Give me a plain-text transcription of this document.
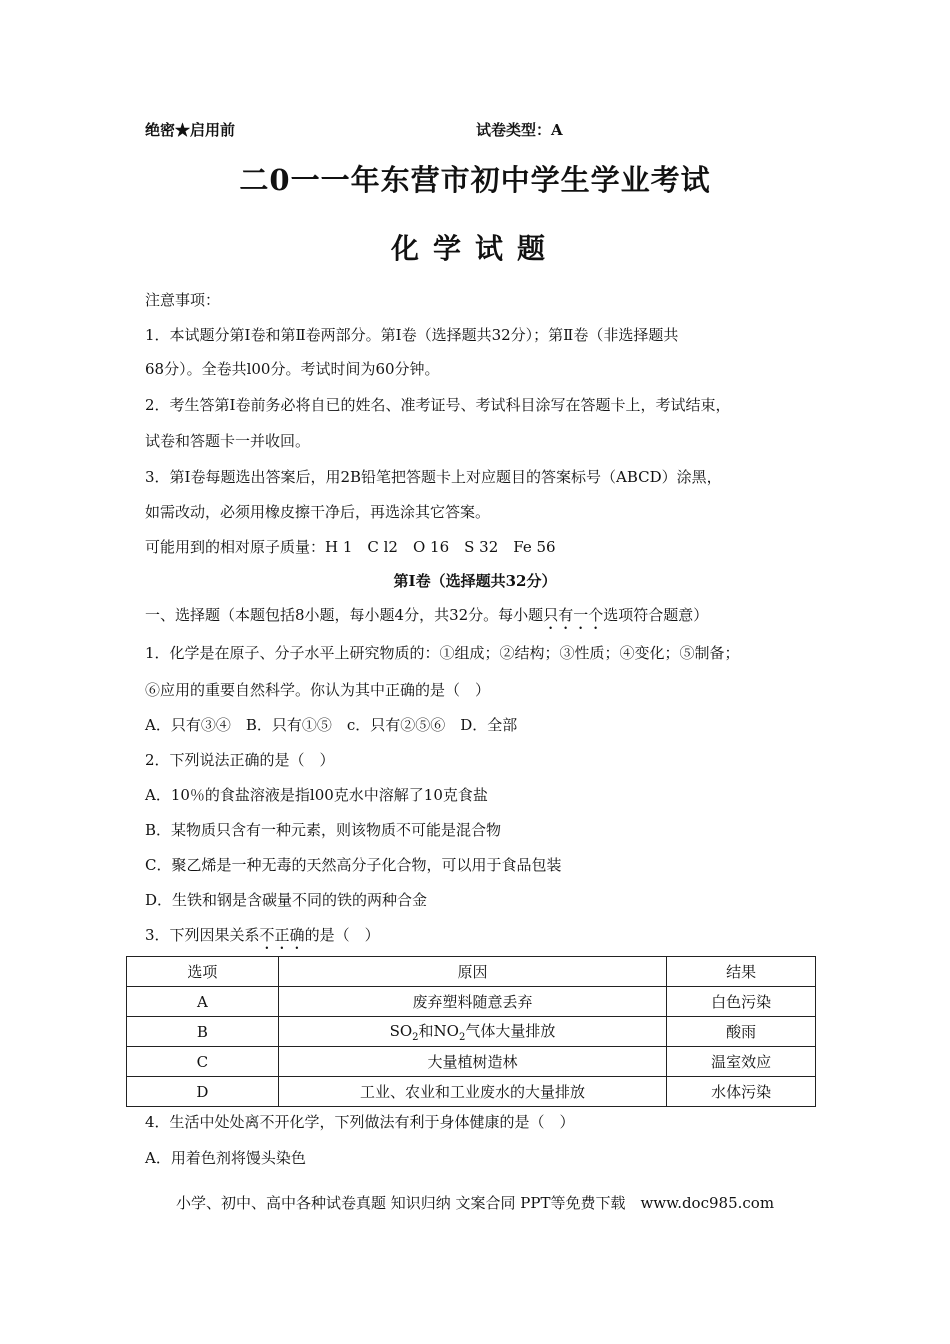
绝密★启用前	试卷类型：A
二0一一年东营市初中学生学业考试
化学试题
注意事项：
1．本试题分第Ⅰ卷和第Ⅱ卷两部分。第Ⅰ卷（选择题共32分）；第Ⅱ卷（非选择题共
68分）。全卷共l00分。考试时间为60分钟。
2．考生答第Ⅰ卷前务必将自已的姓名、准考证号、考试科目涂写在答题卡上，考试结束，
试卷和答题卡一并收回。
3．第Ⅰ卷每题选出答案后，用2B铅笔把答题卡上对应题目的答案标号（ABCD）涂黑，
如需改动，必须用橡皮擦干净后，再选涂其它答案。
可能用到的相对原子质量：H 1　C l2　O 16　S 32　Fe 56
第Ⅰ卷（选择题共32分）
一、选择题（本题包括8小题，每小题4分，共32分。每小题只有一个选项符合题意）
1．化学是在原子、分子水平上研究物质的：①组成；②结构；③性质；④变化；⑤制备；
⑥应用的重要自然科学。你认为其中正确的是（　）
A．只有③④　B．只有①⑤　c．只有②⑤⑥　D．全部
2．下列说法正确的是（　）
A．10％的食盐溶液是指l00克水中溶解了10克食盐
B．某物质只含有一种元素，则该物质不可能是混合物
C．聚乙烯是一种无毒的天然高分子化合物，可以用于食品包装
D．生铁和钢是含碳量不同的铁的两种合金
3．下列因果关系不正确的是（　）
选项	原因	结果
A	废弃塑料随意丢弃	白色污染
B	$SO_2$和$NO_2$气体大量排放	酸雨
C	大量植树造林	温室效应
D	工业、农业和工业废水的大量排放	水体污染
4．生活中处处离不开化学，下列做法有利于身体健康的是（　）
A．用着色剂将馒头染色
小学、初中、高中各种试卷真题 知识归纳 文案合同 PPT等免费下载　www.doc985.com
